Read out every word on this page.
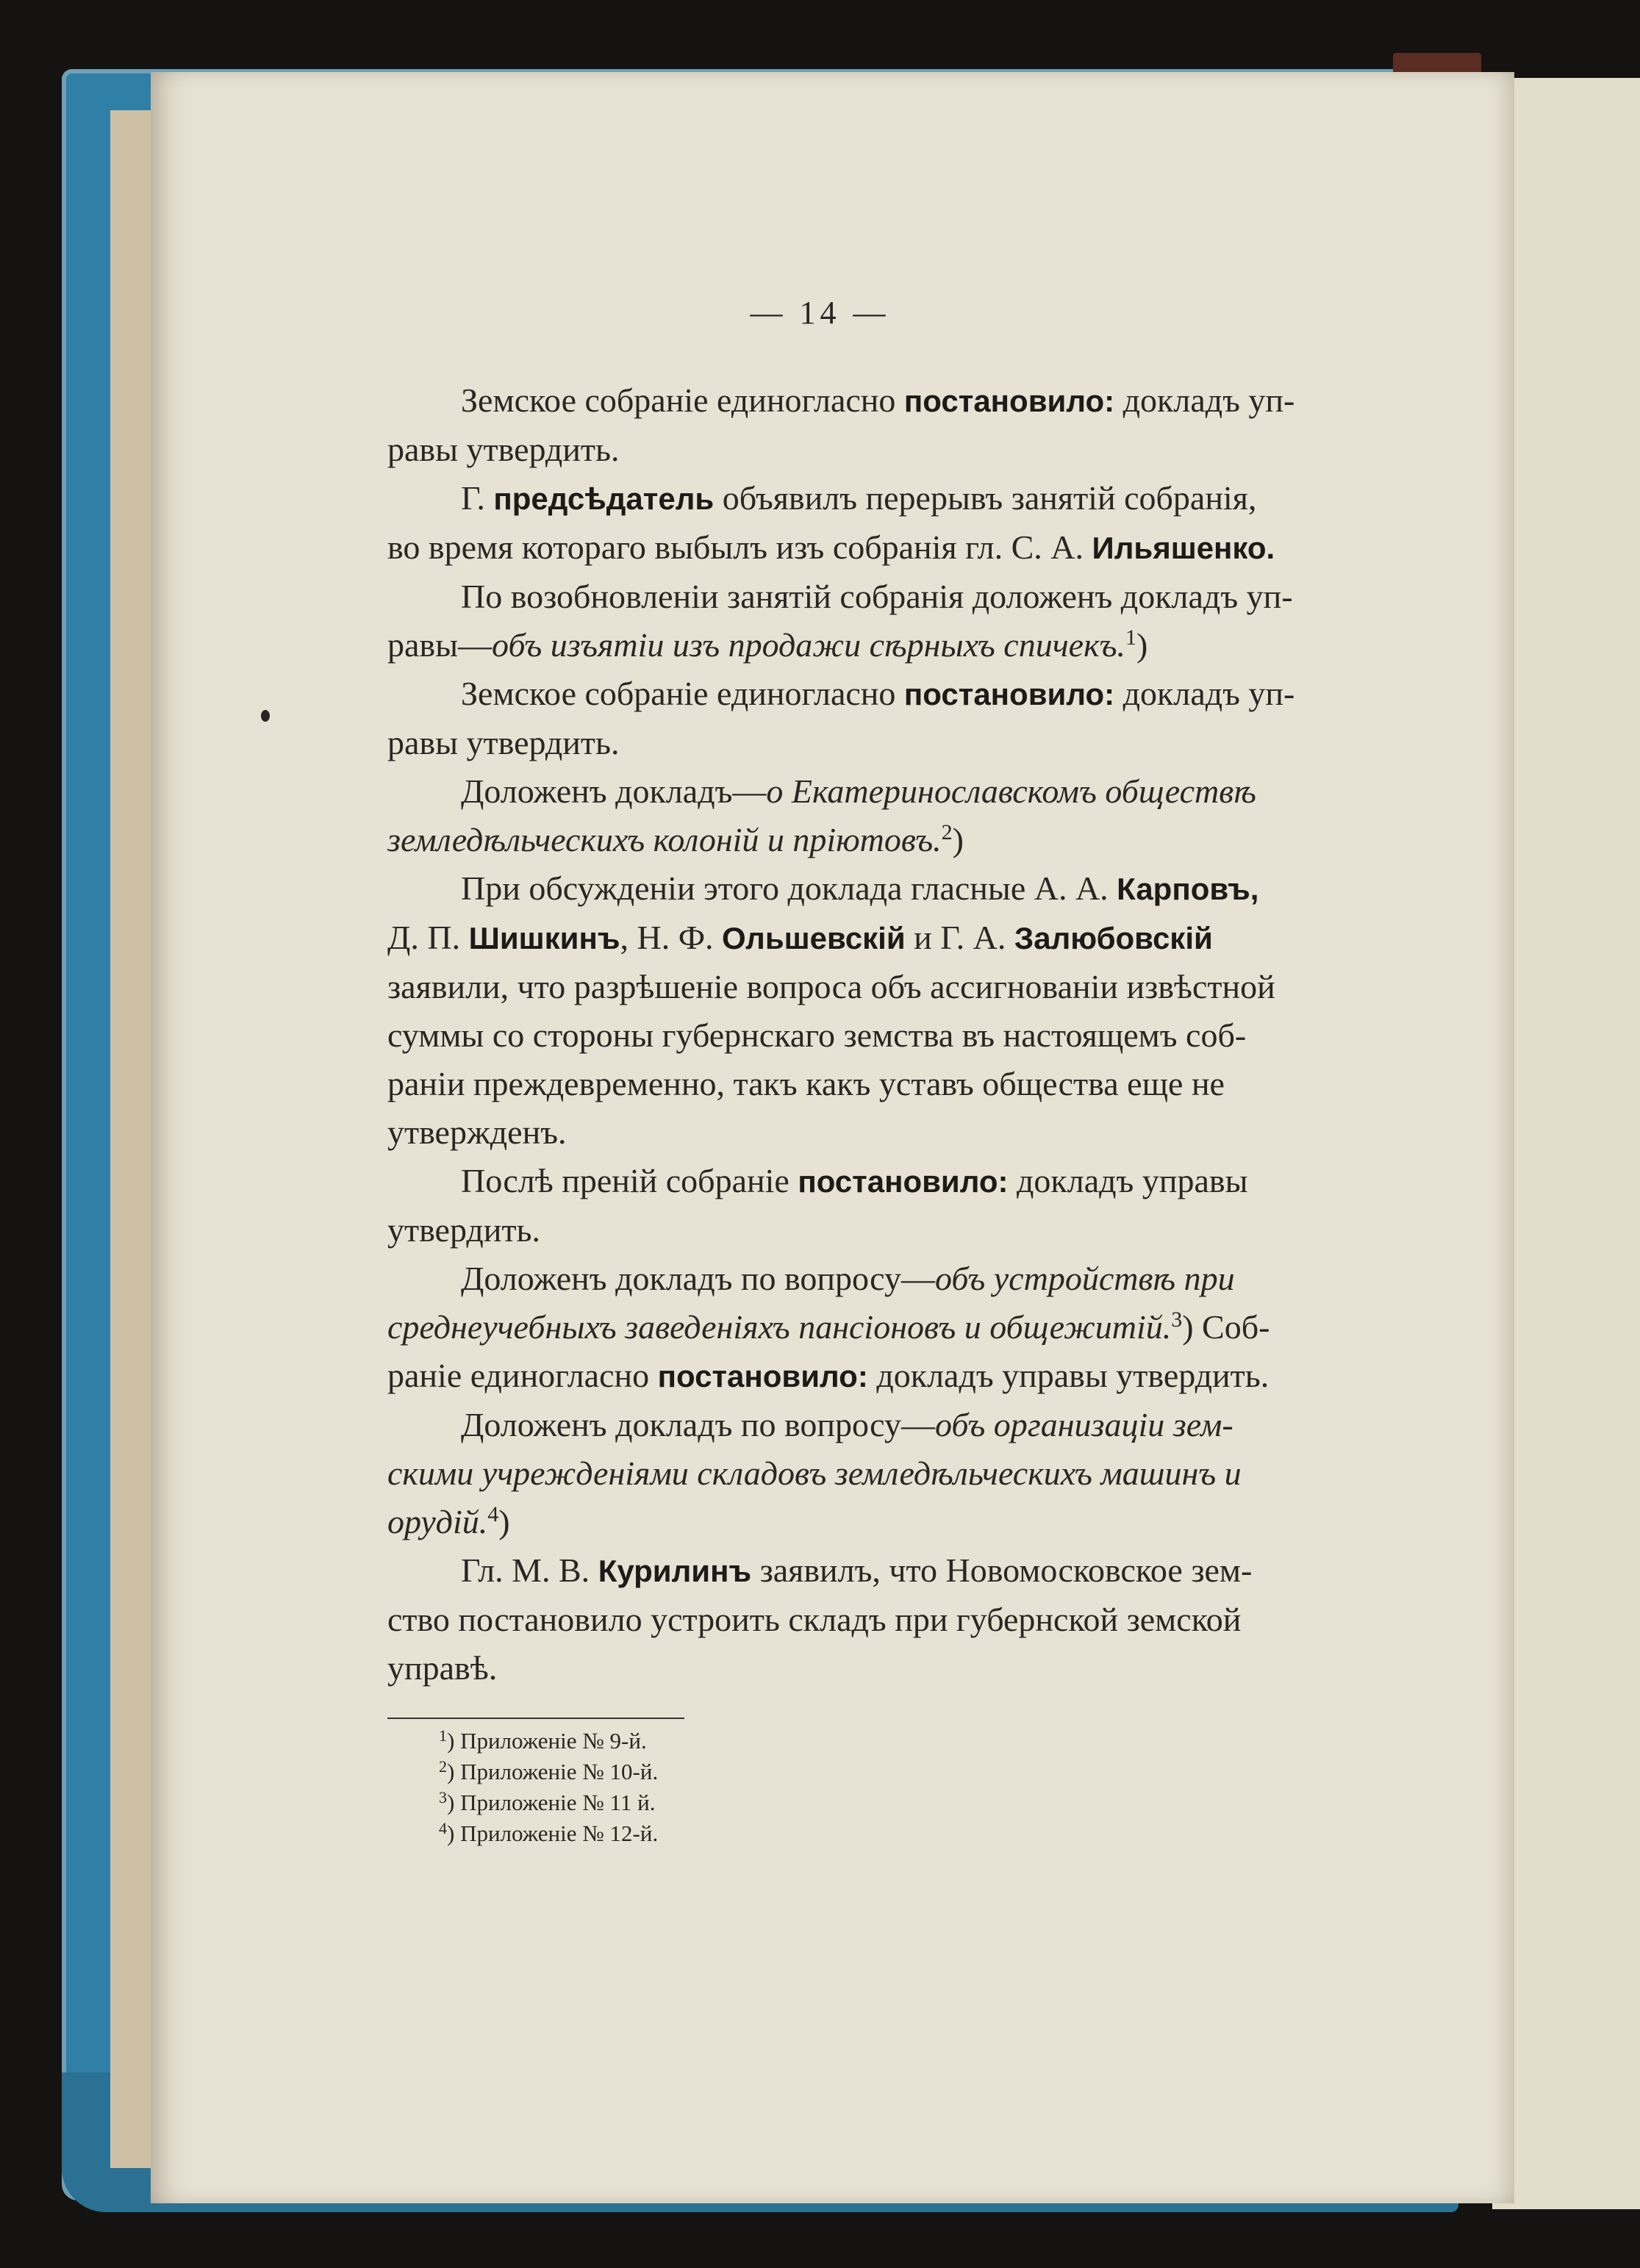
— 14 —
Земское собраніе единогласно постановило: докладъ уп-
равы утвердить.
Г. предсѣдатель объявилъ перерывъ занятій собранія,
во время котораго выбылъ изъ собранія гл. С. А. Ильяшенко.
По возобновленіи занятій собранія доложенъ докладъ уп-
равы—объ изъятіи изъ продажи сѣрныхъ спичекъ.$^1$)
Земское собраніе единогласно постановило: докладъ уп-
равы утвердить.
Доложенъ докладъ—о Екатеринославскомъ обществѣ
земледѣльческихъ колоній и пріютовъ.$^2$)
При обсужденіи этого доклада гласные А. А. Карповъ,
Д. П. Шишкинъ, Н. Ф. Ольшевскій и Г. А. Залюбовскій
заявили, что разрѣшеніе вопроса объ ассигнованіи извѣстной
суммы со стороны губернскаго земства въ настоящемъ соб-
раніи преждевременно, такъ какъ уставъ общества еще не
утвержденъ.
Послѣ преній собраніе постановило: докладъ управы
утвердить.
Доложенъ докладъ по вопросу—объ устройствѣ при
среднеучебныхъ заведеніяхъ пансіоновъ и общежитій.$^3$) Соб-
раніе единогласно постановило: докладъ управы утвердить.
Доложенъ докладъ по вопросу—объ организаціи зем-
скими учрежденіями складовъ земледѣльческихъ машинъ и
орудій.$^4$)
Гл. М. В. Курилинъ заявилъ, что Новомосковское зем-
ство постановило устроить складъ при губернской земской
управѣ.
$^1$) Приложеніе № 9-й.
$^2$) Приложеніе № 10-й.
$^3$) Приложеніе № 11 й.
$^4$) Приложеніе № 12-й.
